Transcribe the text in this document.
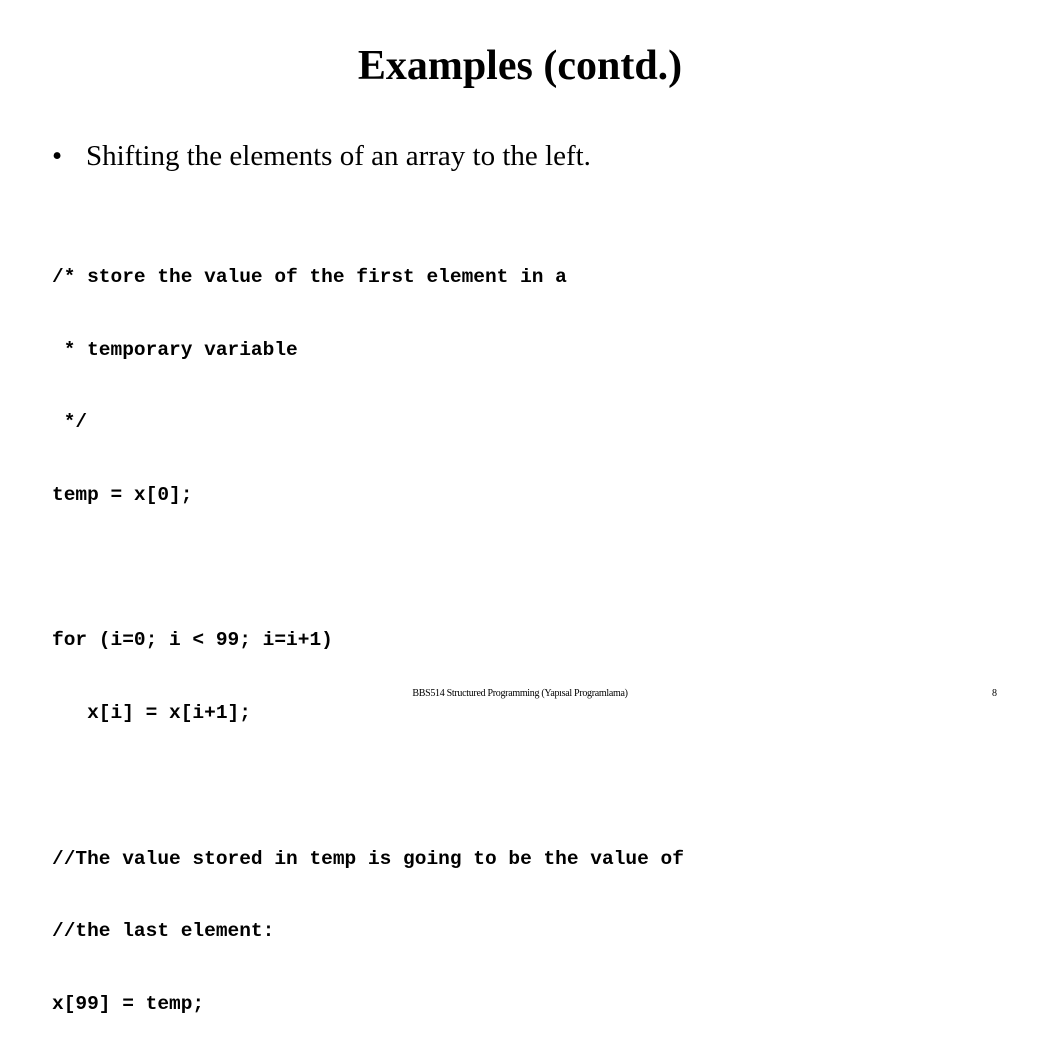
Examples (contd.)
• Shifting the elements of an array to the left.

/* store the value of the first element in a

* temporary variable

*/

temp = x[0];

for (i=0; i < 99; i=i+1)

x[i] = x[i+1];

//The value stored in temp is going to be the value of

//the last element:

x[99] = temp;

BBS514 Structured Programming (Yapısal Programlama)	8
